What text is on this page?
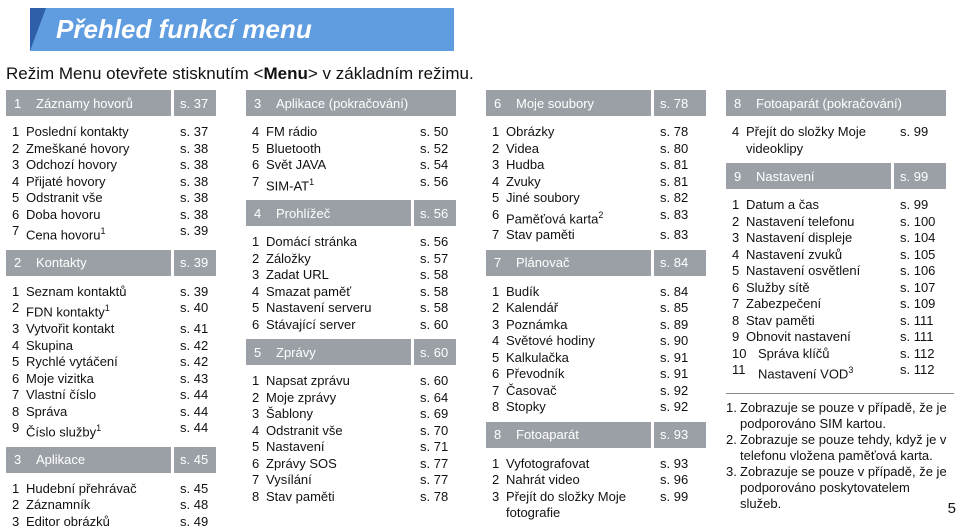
Přehled funkcí menu
Režim Menu otevřete stisknutím <Menu> v základním režimu.
1	Záznamy hovorů	s. 37
1 Poslední kontakty	s. 37
2 Zmeškané hovory	s. 38
3 Odchozí hovory	s. 38
4 Přijaté hovory	s. 38
5 Odstranit vše	s. 38
6 Doba hovoru	s. 38
7 Cena hovoru$^1$	s. 39
2	Kontakty	s. 39
1 Seznam kontaktů	s. 39
2 FDN kontakty$^1$	s. 40
3 Vytvořit kontakt	s. 41
4 Skupina	s. 42
5 Rychlé vytáčení	s. 42
6 Moje vizitka	s. 43
7 Vlastní číslo	s. 44
8 Správa	s. 44
9 Číslo služby$^1$	s. 44
3	Aplikace	s. 45
1 Hudební přehrávač	s. 45
2 Záznamník	s. 48
3 Editor obrázků	s. 49
3	Aplikace (pokračování)
4 FM rádio	s. 50
5 Bluetooth	s. 52
6 Svět JAVA	s. 54
7 SIM-$AT^1$	s. 56
4	Prohlížeč	s. 56
1 Domácí stránka	s. 56
2 Záložky	s. 57
3 Zadat URL	s. 58
4 Smazat paměť	s. 58
5 Nastavení serveru	s. 58
6 Stávající server	s. 60
5	Zprávy	s. 60
1 Napsat zprávu	s. 60
2 Moje zprávy	s. 64
3 Šablony	s. 69
4 Odstranit vše	s. 70
5 Nastavení	s. 71
6 Zprávy SOS	s. 77
7 Vysílání	s. 77
8 Stav paměti	s. 78
6	Moje soubory	s. 78
1 Obrázky	s. 78
2 Videa	s. 80
3 Hudba	s. 81
4 Zvuky	s. 81
5 Jiné soubory	s. 82
6 Paměťová karta$^2$	s. 83
7 Stav paměti	s. 83
7	Plánovač	s. 84
1 Budík	s. 84
2 Kalendář	s. 85
3 Poznámka	s. 89
4 Světové hodiny	s. 90
5 Kalkulačka	s. 91
6 Převodník	s. 91
7 Časovač	s. 92
8 Stopky	s. 92
8	Fotoaparát	s. 93
1 Vyfotografovat	s. 93
2 Nahrát video	s. 96
3 Přejít do složky Moje fotografie
s. 99
8	Fotoaparát (pokračování)
4 Přejít do složky Moje videoklipy
s. 99
9	Nastavení	s. 99
1 Datum a čas	s. 99
2 Nastavení telefonu	s. 100
3 Nastavení displeje	s. 104
4 Nastavení zvuků	s. 105
5 Nastavení osvětlení	s. 106
6 Služby sítě	s. 107
7 Zabezpečení	s. 109
8 Stav paměti	s. 111
9 Obnovit nastavení	s. 111
10 Správa klíčů	s. 112
11 Nastavení VOD$^3$	s. 112
1. Zobrazuje se pouze v případě, že je podporováno SIM kartou.
2. Zobrazuje se pouze tehdy, když je v telefonu vložena paměťová karta.
3. Zobrazuje se pouze v případě, že je podporováno poskytovatelem služeb.	5
